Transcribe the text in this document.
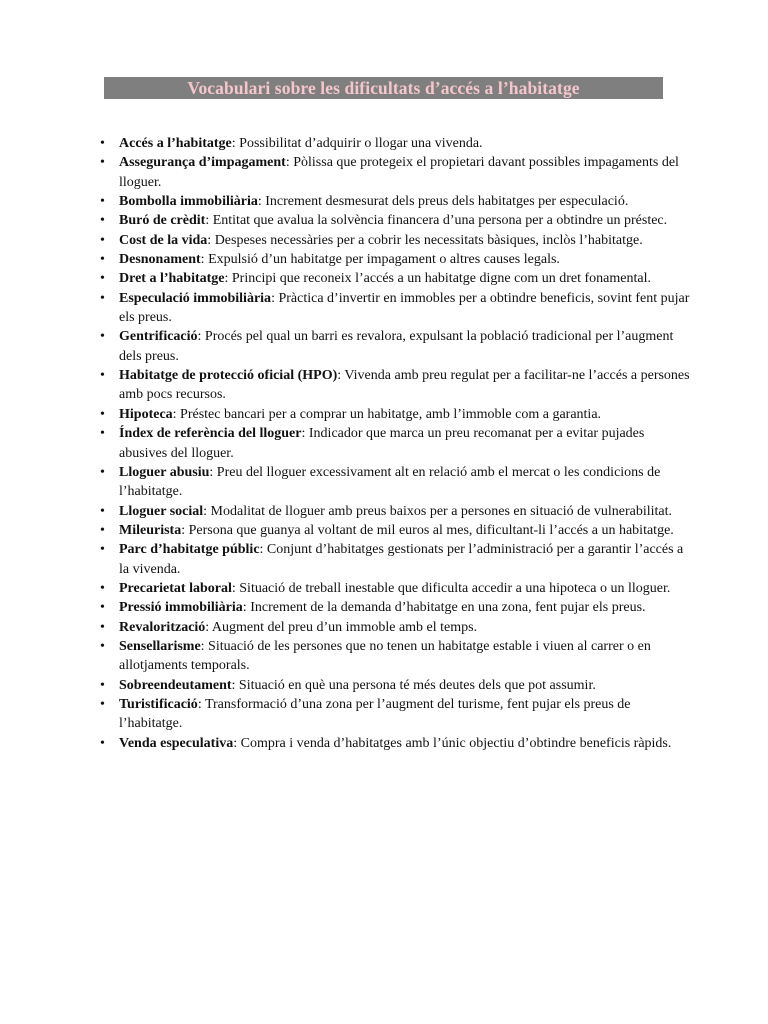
Vocabulari sobre les dificultats d’accés a l’habitatge
• Accés a l’habitatge: Possibilitat d’adquirir o llogar una vivenda.
• Assegurança d’impagament: Pòlissa que protegeix el propietari davant possibles impagaments del lloguer.
• Bombolla immobiliària: Increment desmesurat dels preus dels habitatges per especulació.
• Buró de crèdit: Entitat que avalua la solvència financera d’una persona per a obtindre un préstec.
• Cost de la vida: Despeses necessàries per a cobrir les necessitats bàsiques, inclòs l’habitatge.
• Desnonament: Expulsió d’un habitatge per impagament o altres causes legals.
• Dret a l’habitatge: Principi que reconeix l’accés a un habitatge digne com un dret fonamental.
• Especulació immobiliària: Pràctica d’invertir en immobles per a obtindre beneficis, sovint fent pujar els preus.
• Gentrificació: Procés pel qual un barri es revalora, expulsant la població tradicional per l’augment dels preus.
• Habitatge de protecció oficial (HPO): Vivenda amb preu regulat per a facilitar-ne l’accés a persones amb pocs recursos.
• Hipoteca: Préstec bancari per a comprar un habitatge, amb l’immoble com a garantia.
• Índex de referència del lloguer: Indicador que marca un preu recomanat per a evitar pujades abusives del lloguer.
• Lloguer abusiu: Preu del lloguer excessivament alt en relació amb el mercat o les condicions de l’habitatge.
• Lloguer social: Modalitat de lloguer amb preus baixos per a persones en situació de vulnerabilitat.
• Mileurista: Persona que guanya al voltant de mil euros al mes, dificultant-li l’accés a un habitatge.
• Parc d’habitatge públic: Conjunt d’habitatges gestionats per l’administració per a garantir l’accés a la vivenda.
• Precarietat laboral: Situació de treball inestable que dificulta accedir a una hipoteca o un lloguer.
• Pressió immobiliària: Increment de la demanda d’habitatge en una zona, fent pujar els preus.
• Revalorització: Augment del preu d’un immoble amb el temps.
• Sensellarisme: Situació de les persones que no tenen un habitatge estable i viuen al carrer o en allotjaments temporals.
• Sobreendeutament: Situació en què una persona té més deutes dels que pot assumir.
• Turistificació: Transformació d’una zona per l’augment del turisme, fent pujar els preus de l’habitatge.
• Venda especulativa: Compra i venda d’habitatges amb l’únic objectiu d’obtindre beneficis ràpids.
